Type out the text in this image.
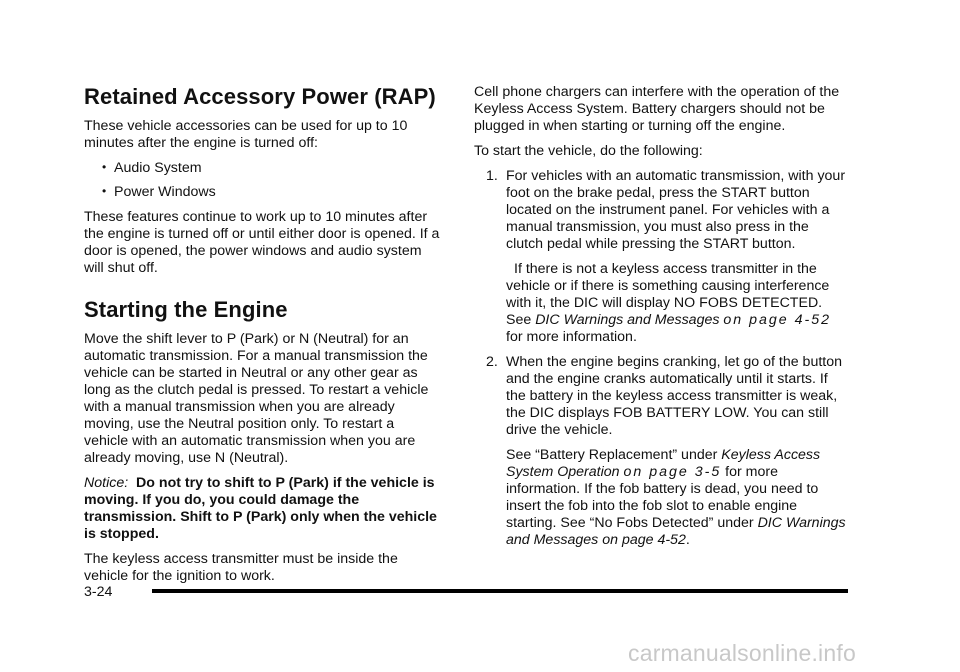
Retained Accessory Power (RAP)

These vehicle accessories can be used for up to 10 minutes after the engine is turned off:

• Audio System
• Power Windows

These features continue to work up to 10 minutes after the engine is turned off or until either door is opened. If a door is opened, the power windows and audio system will shut off.

Starting the Engine

Move the shift lever to P (Park) or N (Neutral) for an automatic transmission. For a manual transmission the vehicle can be started in Neutral or any other gear as long as the clutch pedal is pressed. To restart a vehicle with a manual transmission when you are already moving, use the Neutral position only. To restart a vehicle with an automatic transmission when you are already moving, use N (Neutral).

Notice: Do not try to shift to P (Park) if the vehicle is moving. If you do, you could damage the transmission. Shift to P (Park) only when the vehicle is stopped.

The keyless access transmitter must be inside the vehicle for the ignition to work.

Cell phone chargers can interfere with the operation of the Keyless Access System. Battery chargers should not be plugged in when starting or turning off the engine.

To start the vehicle, do the following:

1. For vehicles with an automatic transmission, with your foot on the brake pedal, press the START button located on the instrument panel. For vehicles with a manual transmission, you must also press in the clutch pedal while pressing the START button.

If there is not a keyless access transmitter in the vehicle or if there is something causing interference with it, the DIC will display NO FOBS DETECTED. See DIC Warnings and Messages on page 4-52 for more information.

2. When the engine begins cranking, let go of the button and the engine cranks automatically until it starts. If the battery in the keyless access transmitter is weak, the DIC displays FOB BATTERY LOW. You can still drive the vehicle.

See “Battery Replacement” under Keyless Access System Operation on page 3-5 for more information. If the fob battery is dead, you need to insert the fob into the fob slot to enable engine starting. See “No Fobs Detected” under DIC Warnings and Messages on page 4-52.

3-24
carmanualsonline.info
